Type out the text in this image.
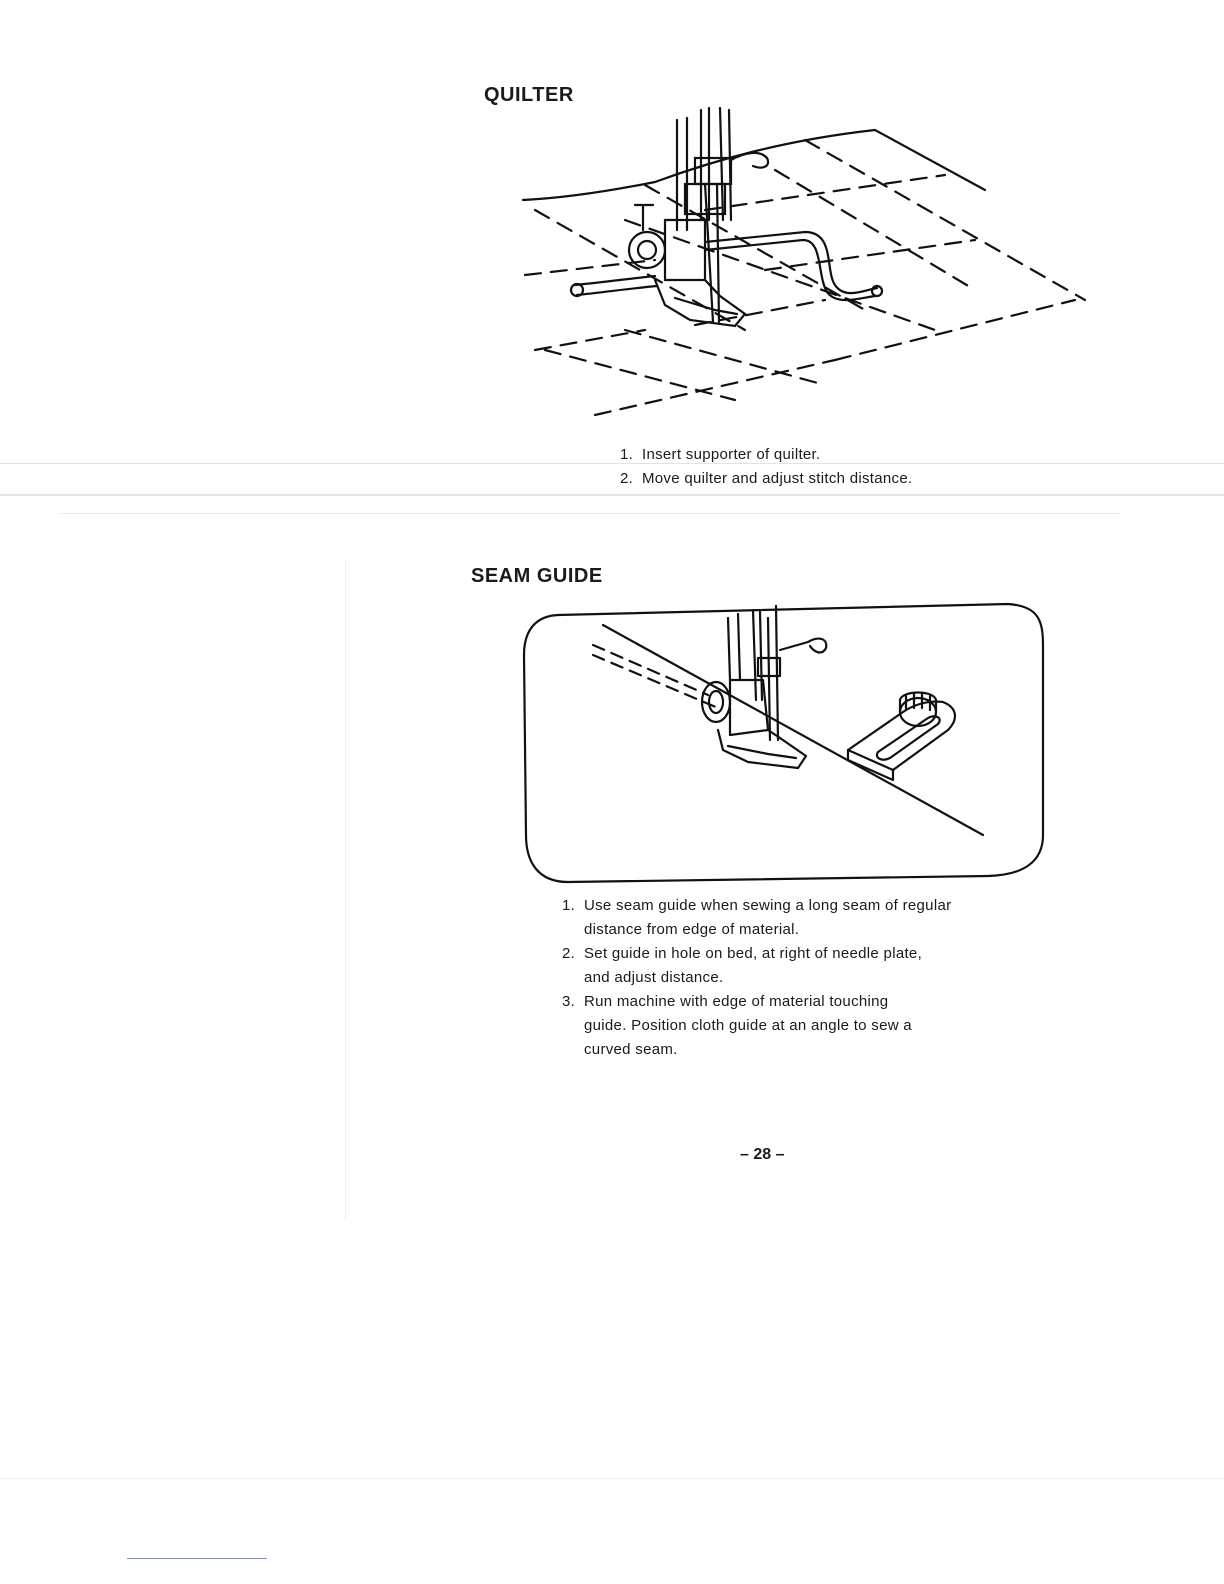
QUILTER
1. Insert supporter of quilter.
2. Move quilter and adjust stitch distance.
SEAM GUIDE
1. Use seam guide when sewing a long seam of regular
distance from edge of material.
2. Set guide in hole on bed, at right of needle plate,
and adjust distance.
3. Run machine with edge of material touching
guide. Position cloth guide at an angle to sew a
curved seam.
– 28 –
